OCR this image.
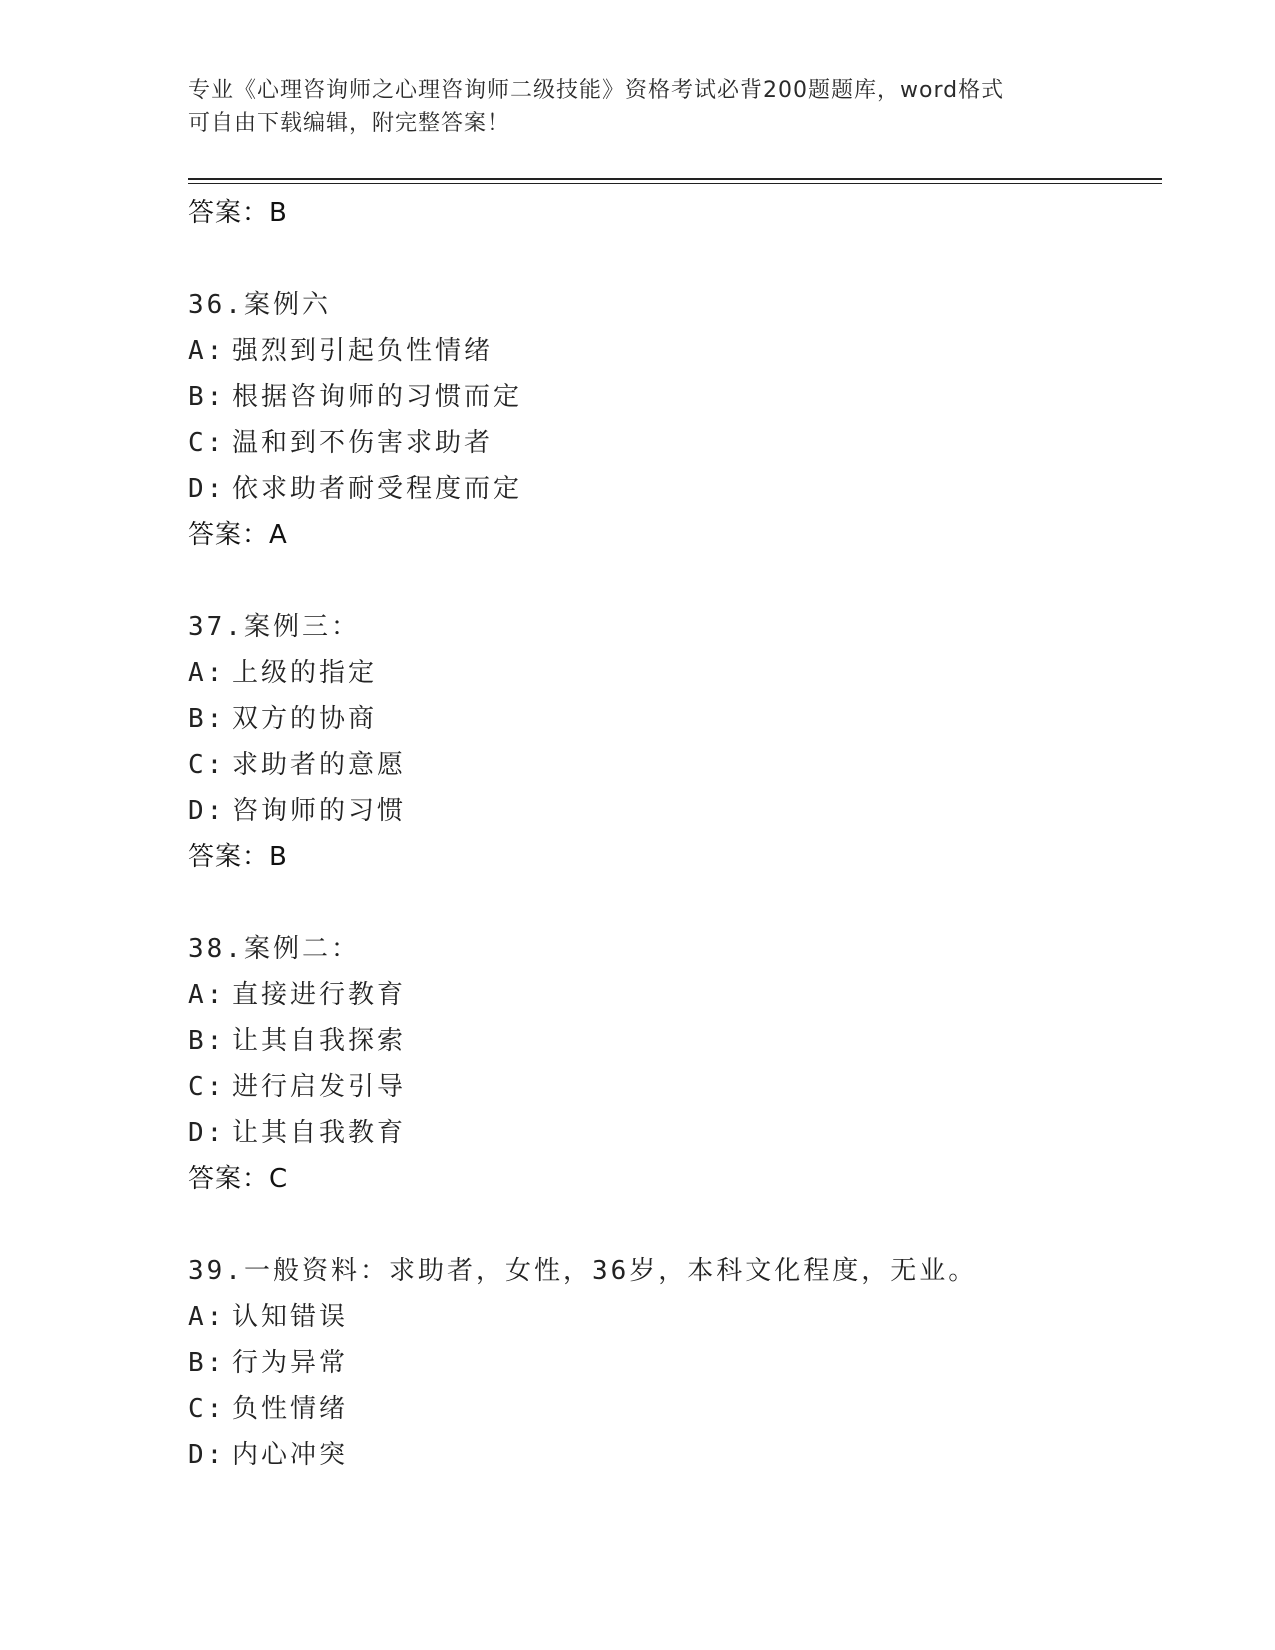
专业《心理咨询师之心理咨询师二级技能》资格考试必背200题题库，word格式
可自由下载编辑，附完整答案！
答案：B
36.案例六
A: 强烈到引起负性情绪
B: 根据咨询师的习惯而定
C: 温和到不伤害求助者
D: 依求助者耐受程度而定
答案：A
37.案例三：
A: 上级的指定
B: 双方的协商
C: 求助者的意愿
D: 咨询师的习惯
答案：B
38.案例二：
A: 直接进行教育
B: 让其自我探索
C: 进行启发引导
D: 让其自我教育
答案：C
39.一般资料：求助者，女性，36岁，本科文化程度，无业。
A: 认知错误
B: 行为异常
C: 负性情绪
D: 内心冲突
